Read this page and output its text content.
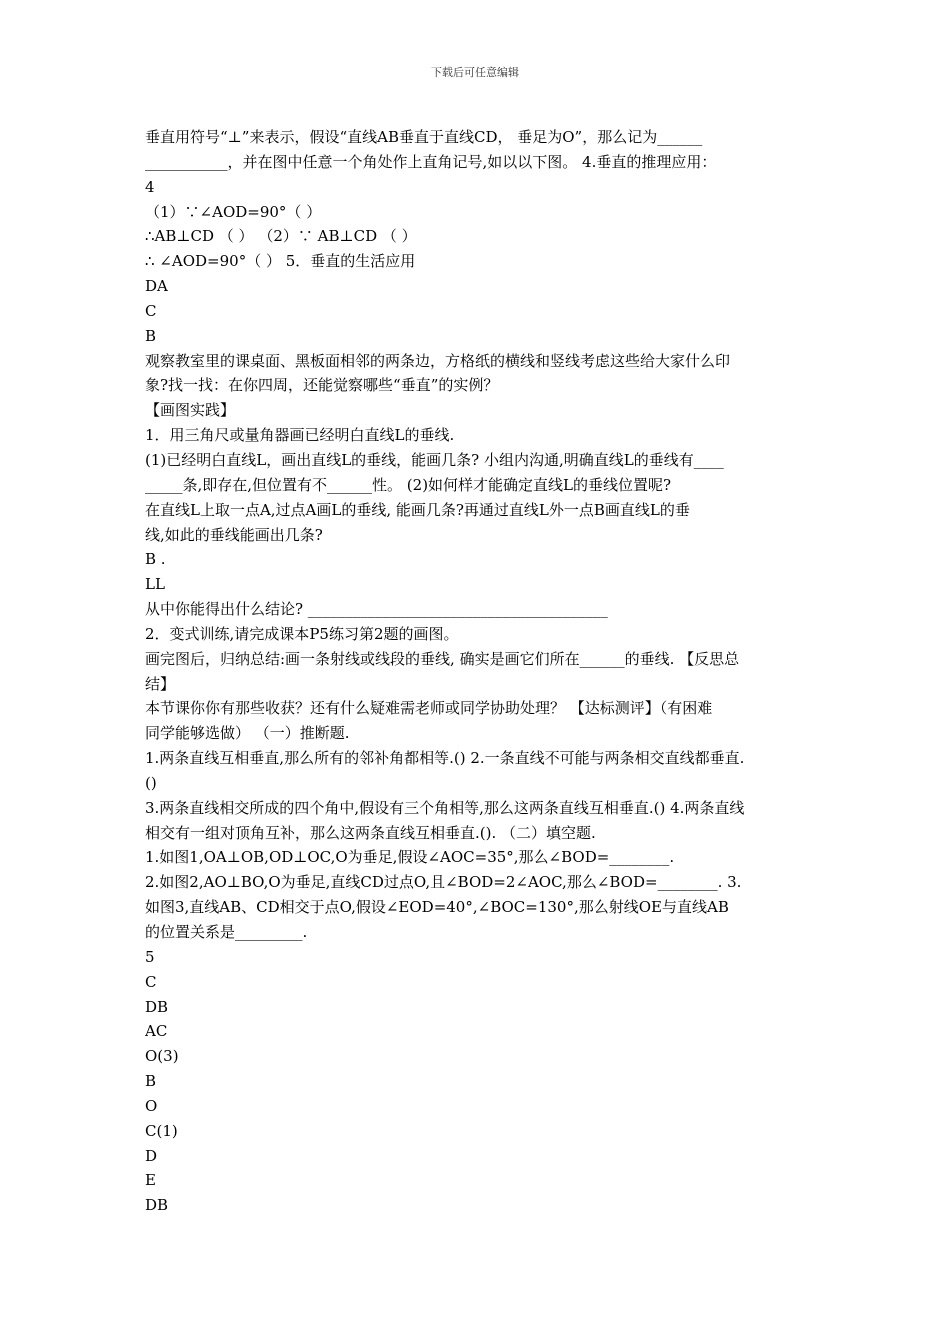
下载后可任意编辑
垂直用符号“⊥”来表示，假设“直线AB垂直于直线CD， 垂足为O”，那么记为______
___________，并在图中任意一个角处作上直角记号,如以以下图。 4.垂直的推理应用：
4
（1）∵∠AOD=90°（ ）
∴AB⊥CD （ ） （2）∵ AB⊥CD （ ）
∴ ∠AOD=90°（ ） 5．垂直的生活应用
DA
C
B
观察教室里的课桌面、黑板面相邻的两条边，方格纸的横线和竖线考虑这些给大家什么印
象?找一找：在你四周，还能觉察哪些“垂直”的实例？
【画图实践】
1．用三角尺或量角器画已经明白直线L的垂线.
(1)已经明白直线L，画出直线L的垂线，能画几条? 小组内沟通,明确直线L的垂线有____
_____条,即存在,但位置有不______性。 (2)如何样才能确定直线L的垂线位置呢?
在直线L上取一点A,过点A画L的垂线, 能画几条?再通过直线L外一点B画直线L的垂
线,如此的垂线能画出几条?
B .
LL
从中你能得出什么结论? ________________________________________
2．变式训练,请完成课本P5练习第2题的画图。
画完图后，归纳总结:画一条射线或线段的垂线, 确实是画它们所在______的垂线. 【反思总
结】
本节课你你有那些收获？还有什么疑难需老师或同学协助处理？ 【达标测评】（有困难
同学能够选做） （一）推断题.
1.两条直线互相垂直,那么所有的邻补角都相等.() 2.一条直线不可能与两条相交直线都垂直.
()
3.两条直线相交所成的四个角中,假设有三个角相等,那么这两条直线互相垂直.() 4.两条直线
相交有一组对顶角互补，那么这两条直线互相垂直.(). （二）填空题.
1.如图1,OA⊥OB,OD⊥OC,O为垂足,假设∠AOC=35°,那么∠BOD=________.
2.如图2,AO⊥BO,O为垂足,直线CD过点O,且∠BOD=2∠AOC,那么∠BOD=________. 3.
如图3,直线AB、CD相交于点O,假设∠EOD=40°,∠BOC=130°,那么射线OE与直线AB
的位置关系是_________.
5
C
DB
AC
O(3)
B
O
C(1)
D
E
DB
